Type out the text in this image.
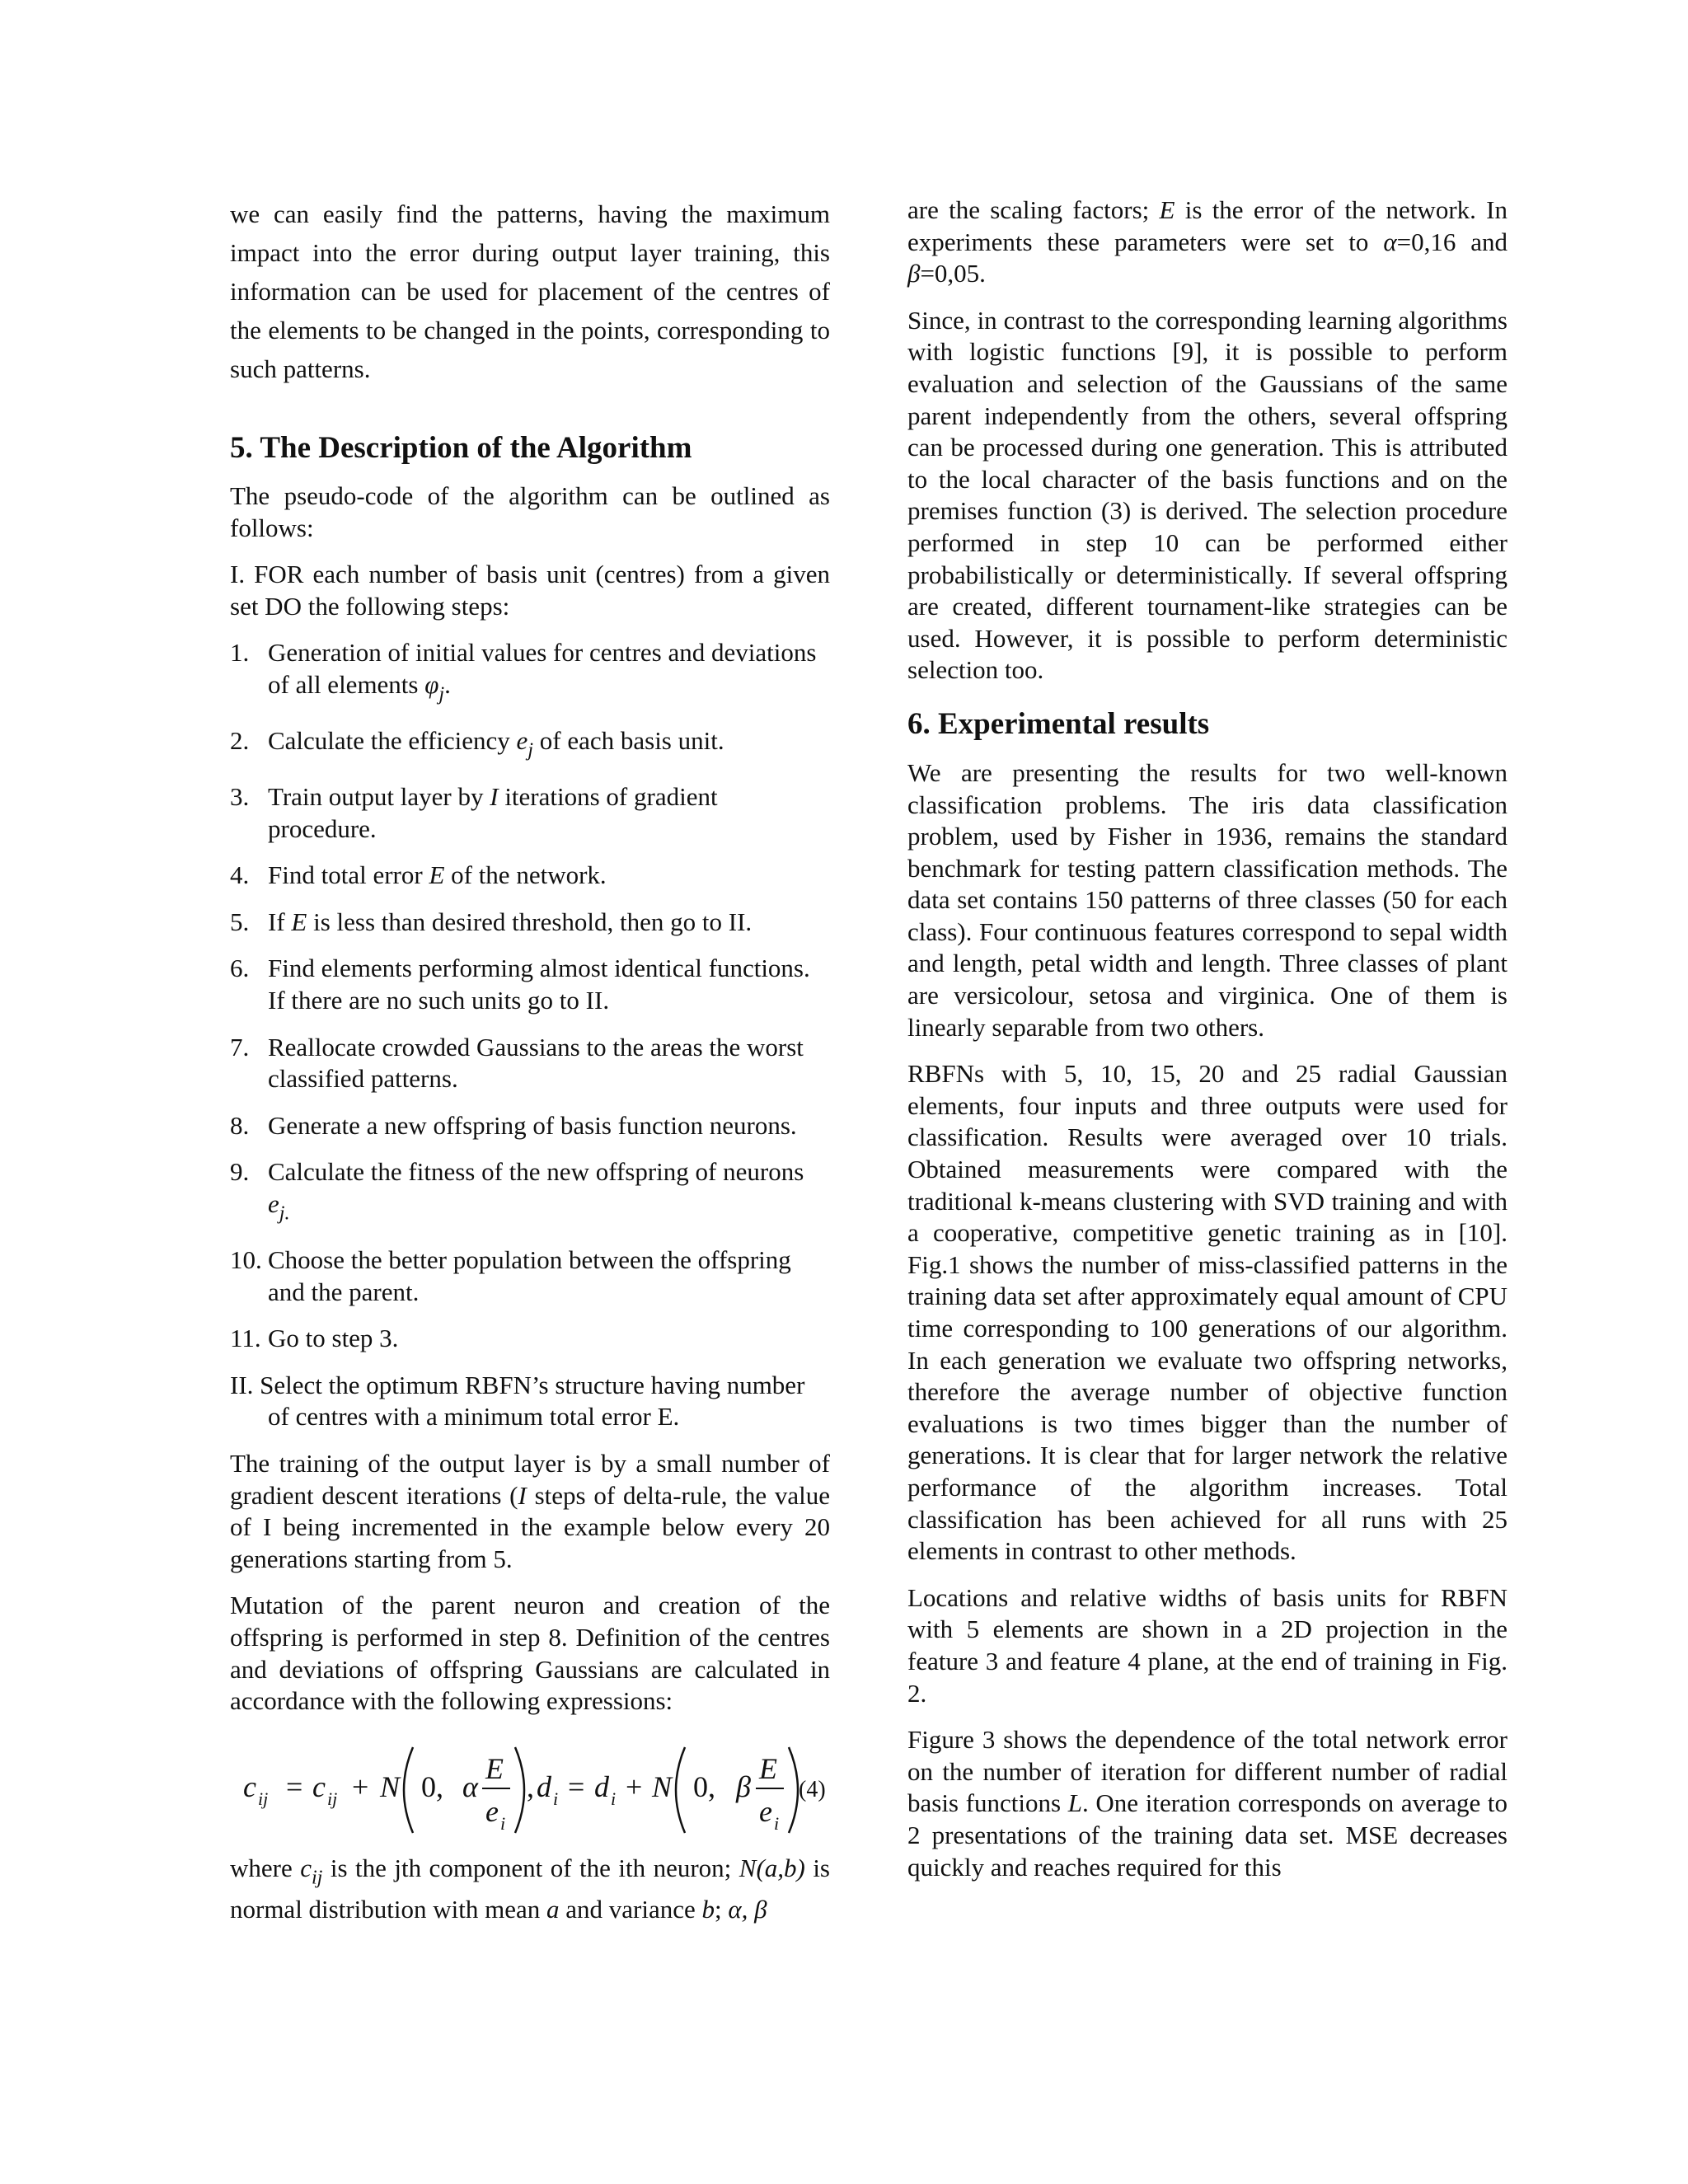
we can easily find the patterns, having the maximum impact into the error during output layer training, this information can be used for placement of the centres of the elements to be changed in the points, corresponding to such patterns.

5. The Description of the Algorithm

The pseudo-code of the algorithm can be outlined as follows:

I. FOR each number of basis unit (centres) from a given set DO the following steps:

1. Generation of initial values for centres and deviations of all elements $\varphi_j$.
2. Calculate the efficiency $e_j$ of each basis unit.
3. Train output layer by I iterations of gradient procedure.
4. Find total error E of the network.
5. If E is less than desired threshold, then go to II.
6. Find elements performing almost identical functions. If there are no such units go to II.
7. Reallocate crowded Gaussians to the areas the worst classified patterns.
8. Generate a new offspring of basis function neurons.
9. Calculate the fitness of the new offspring of neurons $e_{j.}$
10. Choose the better population between the offspring and the parent.
11. Go to step 3.

II. Select the optimum RBFN’s structure having number of centres with a minimum total error E.

The training of the output layer is by a small number of gradient descent iterations (I steps of delta-rule, the value of I being incremented in the example below every 20 generations starting from 5.

Mutation of the parent neuron and creation of the offspring is performed in step 8. Definition of the centres and deviations of offspring Gaussians are calculated in accordance with the following expressions:

c ij = c ij + N 0, α
E
e i
, d i = d i + N 0, β
E
e i
(4)

where $c_{ij}$ is the jth component of the ith neuron; N(a,b) is normal distribution with mean a and variance b; α, β

are the scaling factors; E is the error of the network. In experiments these parameters were set to α=0,16 and β=0,05.

Since, in contrast to the corresponding learning algorithms with logistic functions [9], it is possible to perform evaluation and selection of the Gaussians of the same parent independently from the others, several offspring can be processed during one generation. This is attributed to the local character of the basis functions and on the premises function (3) is derived. The selection procedure performed in step 10 can be performed either probabilistically or deterministically. If several offspring are created, different tournament-like strategies can be used. However, it is possible to perform deterministic selection too.

6. Experimental results

We are presenting the results for two well-known classification problems. The iris data classification problem, used by Fisher in 1936, remains the standard benchmark for testing pattern classification methods. The data set contains 150 patterns of three classes (50 for each class). Four continuous features correspond to sepal width and length, petal width and length. Three classes of plant are versicolour, setosa and virginica. One of them is linearly separable from two others.

RBFNs with 5, 10, 15, 20 and 25 radial Gaussian elements, four inputs and three outputs were used for classification. Results were averaged over 10 trials. Obtained measurements were compared with the traditional k-means clustering with SVD training and with a cooperative, competitive genetic training as in [10]. Fig.1 shows the number of miss-classified patterns in the training data set after approximately equal amount of CPU time corresponding to 100 generations of our algorithm. In each generation we evaluate two offspring networks, therefore the average number of objective function evaluations is two times bigger than the number of generations. It is clear that for larger network the relative performance of the algorithm increases. Total classification has been achieved for all runs with 25 elements in contrast to other methods.

Locations and relative widths of basis units for RBFN with 5 elements are shown in a 2D projection in the feature 3 and feature 4 plane, at the end of training in Fig. 2.

Figure 3 shows the dependence of the total network error on the number of iteration for different number of radial basis functions L. One iteration corresponds on average to 2 presentations of the training data set. MSE decreases quickly and reaches required for this
